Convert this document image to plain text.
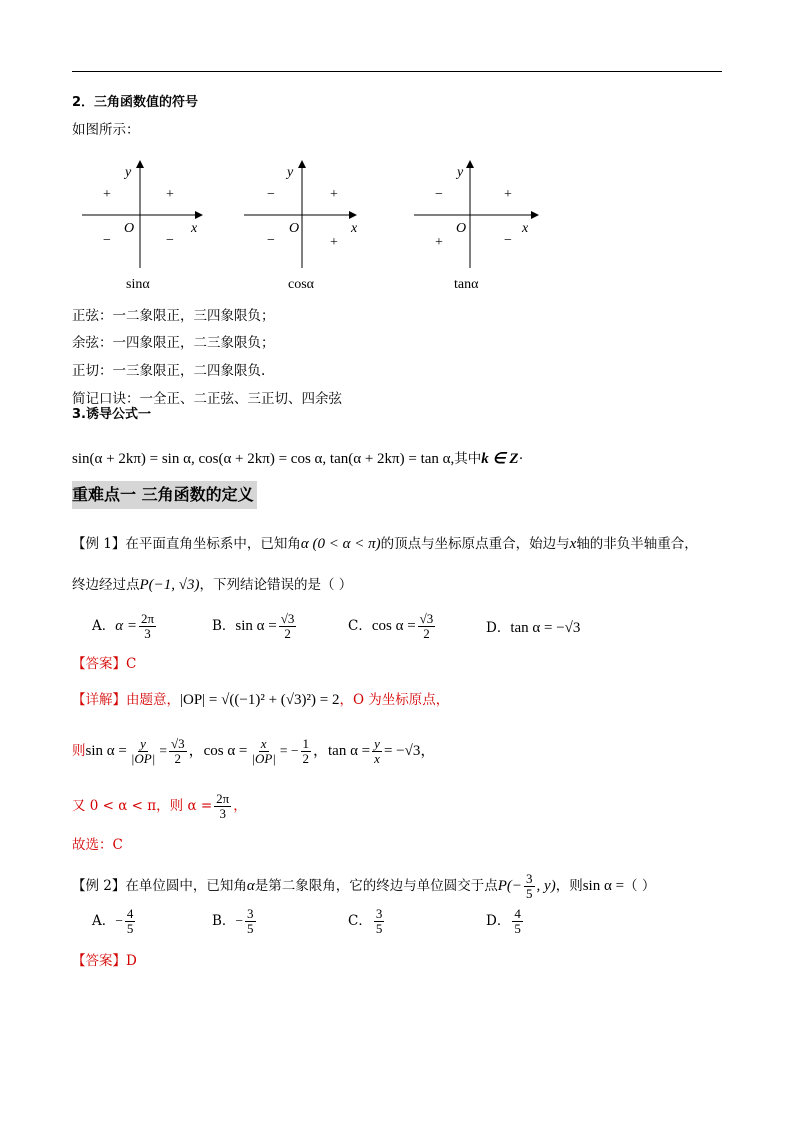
2．三角函数值的符号
如图所示：
y
x
O
+
+
−	−
sinα
y
x
O
+
−
−	+
cosα
y
x
O
+
−
+	−
tanα
正弦：一二象限正，三四象限负；
余弦：一四象限正，二三象限负；
正切：一三象限正，二四象限负.
简记口诀：一全正、二正弦、三正切、四余弦
3.诱导公式一
sin(α + 2kπ) = sin α, cos(α + 2kπ) = cos α, tan(α + 2kπ) = tan α,其中k ∈ Z·
重难点一 三角函数的定义
【例 1】在平面直角坐标系中，已知角α (0 < α < π)的顶点与坐标原点重合，始边与x轴的非负半轴重合，
终边经过点P(−1, √3)，下列结论错误的是（ ）
A．$\alpha = \frac{2\pi}{3}$	B．$\sin \alpha = \frac{√3}{2}$	C．$\cos \alpha = \frac{√3}{2}$	D．tan α = −√3
【答案】C
【详解】由题意，|OP| = √((−1)² + (√3)²) = 2，O 为坐标原点，
则$\sin \alpha = \frac{y}{|OP|} = \frac{√3}{2}$ ，$\cos \alpha = \frac{x}{|OP|}$ = − $\frac{1}{2}$ ，$\tan \alpha = \frac{y}{x} = -√3$，
又 0 < α < π，则 $\alpha = \frac{2\pi}{3}$ ，
故选：C
【例 2】在单位圆中，已知角α是第二象限角，它的终边与单位圆交于点$P(- \frac{3}{5}$ , y)，则sin α =（ ）
A．− $\frac{4}{5}$	B．− $\frac{3}{5}$	C． $\frac{3}{5}$	D． $\frac{4}{5}$
【答案】D
